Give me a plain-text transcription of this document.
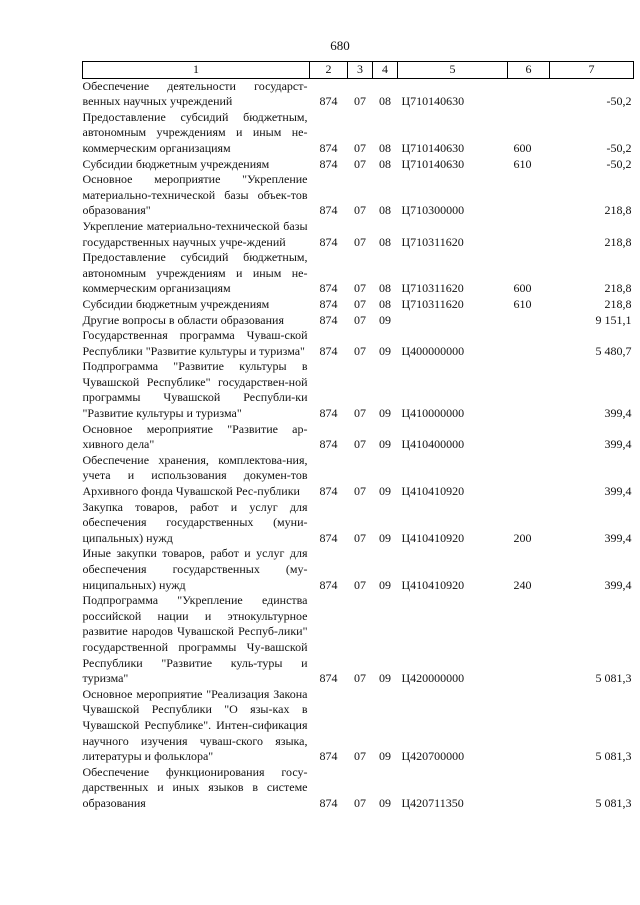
680
1	2	3	4	5	6	7
Обеспечение деятельности государст-венных научных учреждений	874	07	08	Ц710140630		-50,2
Предоставление субсидий бюджетным, автономным учреждениям и иным не-коммерческим организациям	874	07	08	Ц710140630	600	-50,2
Субсидии бюджетным учреждениям	874	07	08	Ц710140630	610	-50,2
Основное мероприятие "Укрепление материально-технической базы объек-тов образования"	874	07	08	Ц710300000		218,8
Укрепление материально-технической базы государственных научных учре-ждений	874	07	08	Ц710311620		218,8
Предоставление субсидий бюджетным, автономным учреждениям и иным не-коммерческим организациям	874	07	08	Ц710311620	600	218,8
Субсидии бюджетным учреждениям	874	07	08	Ц710311620	610	218,8
Другие вопросы в области образования	874	07	09			9 151,1
Государственная программа Чуваш-ской Республики "Развитие культуры и туризма"	874	07	09	Ц400000000		5 480,7
Подпрограмма "Развитие культуры в Чувашской Республике" государствен-ной программы Чувашской Республи-ки "Развитие культуры и туризма"	874	07	09	Ц410000000		399,4
Основное мероприятие "Развитие ар-хивного дела"	874	07	09	Ц410400000		399,4
Обеспечение хранения, комплектова-ния, учета и использования докумен-тов Архивного фонда Чувашской Рес-публики	874	07	09	Ц410410920		399,4
Закупка товаров, работ и услуг для обеспечения государственных (муни-ципальных) нужд	874	07	09	Ц410410920	200	399,4
Иные закупки товаров, работ и услуг для обеспечения государственных (му-ниципальных) нужд	874	07	09	Ц410410920	240	399,4
Подпрограмма "Укрепление единства российской нации и этнокультурное развитие народов Чувашской Респуб-лики" государственной программы Чу-вашской Республики "Развитие куль-туры и туризма"	874	07	09	Ц420000000		5 081,3
Основное мероприятие "Реализация Закона Чувашской Республики "О язы-ках в Чувашской Республике". Интен-сификация научного изучения чуваш-ского языка, литературы и фольклора"	874	07	09	Ц420700000		5 081,3
Обеспечение функционирования госу-дарственных и иных языков в системе образования	874	07	09	Ц420711350		5 081,3
